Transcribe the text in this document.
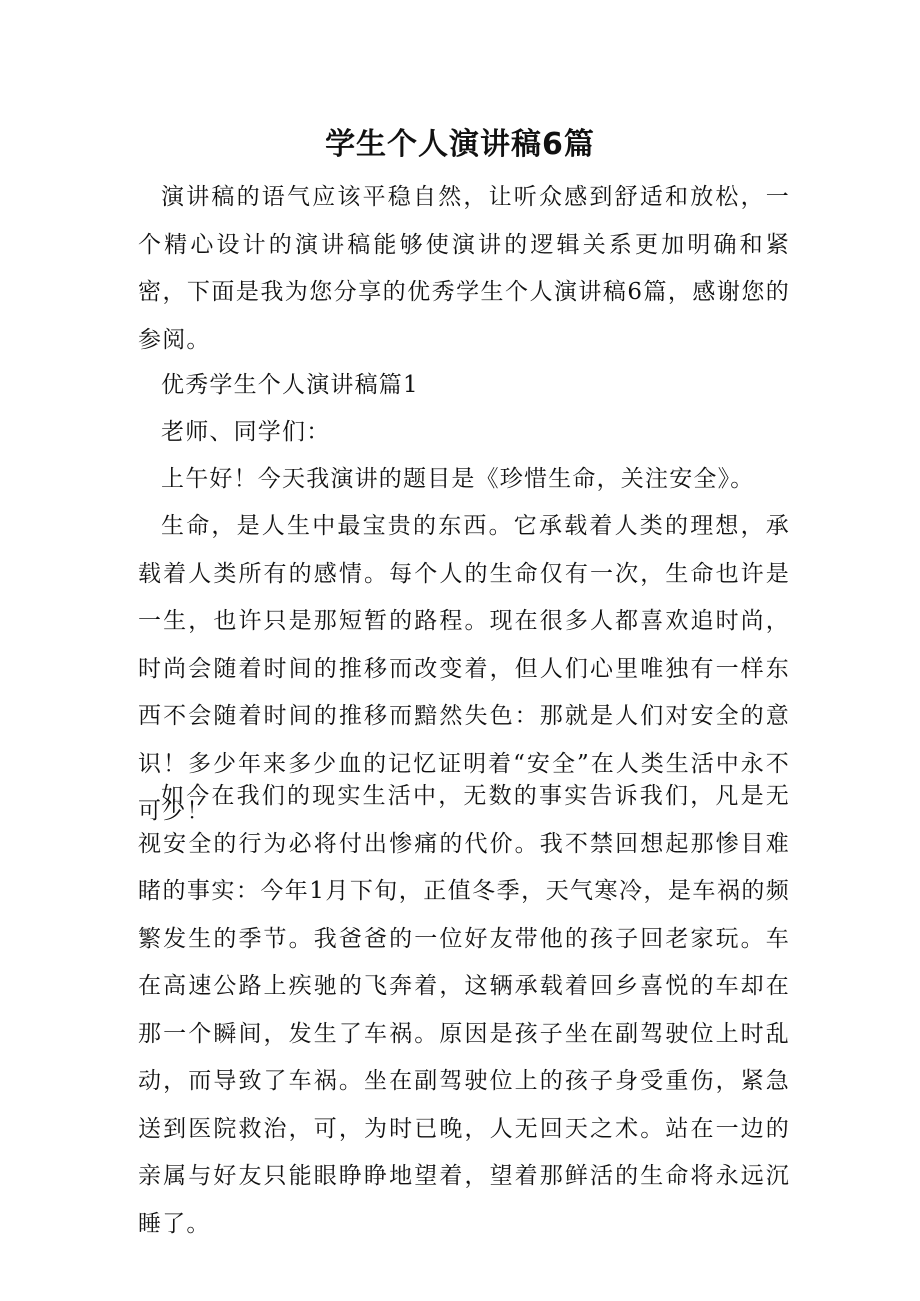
学生个人演讲稿6篇

演讲稿的语气应该平稳自然，让听众感到舒适和放松，一个精心设计的演讲稿能够使演讲的逻辑关系更加明确和紧密，下面是我为您分享的优秀学生个人演讲稿6篇，感谢您的参阅。

优秀学生个人演讲稿篇1

老师、同学们：

上午好！今天我演讲的题目是《珍惜生命，关注安全》。

生命，是人生中最宝贵的东西。它承载着人类的理想，承载着人类所有的感情。每个人的生命仅有一次，生命也许是一生，也许只是那短暂的路程。现在很多人都喜欢追时尚，时尚会随着时间的推移而改变着，但人们心里唯独有一样东西不会随着时间的推移而黯然失色：那就是人们对安全的意识！多少年来多少血的记忆证明着“安全”在人类生活中永不可少！

如今在我们的现实生活中，无数的事实告诉我们，凡是无视安全的行为必将付出惨痛的代价。我不禁回想起那惨目难睹的事实：今年1月下旬，正值冬季，天气寒冷，是车祸的频繁发生的季节。我爸爸的一位好友带他的孩子回老家玩。车在高速公路上疾驰的飞奔着，这辆承载着回乡喜悦的车却在那一个瞬间，发生了车祸。原因是孩子坐在副驾驶位上时乱动，而导致了车祸。坐在副驾驶位上的孩子身受重伤，紧急送到医院救治，可，为时已晚，人无回天之术。站在一边的亲属与好友只能眼睁睁地望着，望着那鲜活的生命将永远沉睡了。
